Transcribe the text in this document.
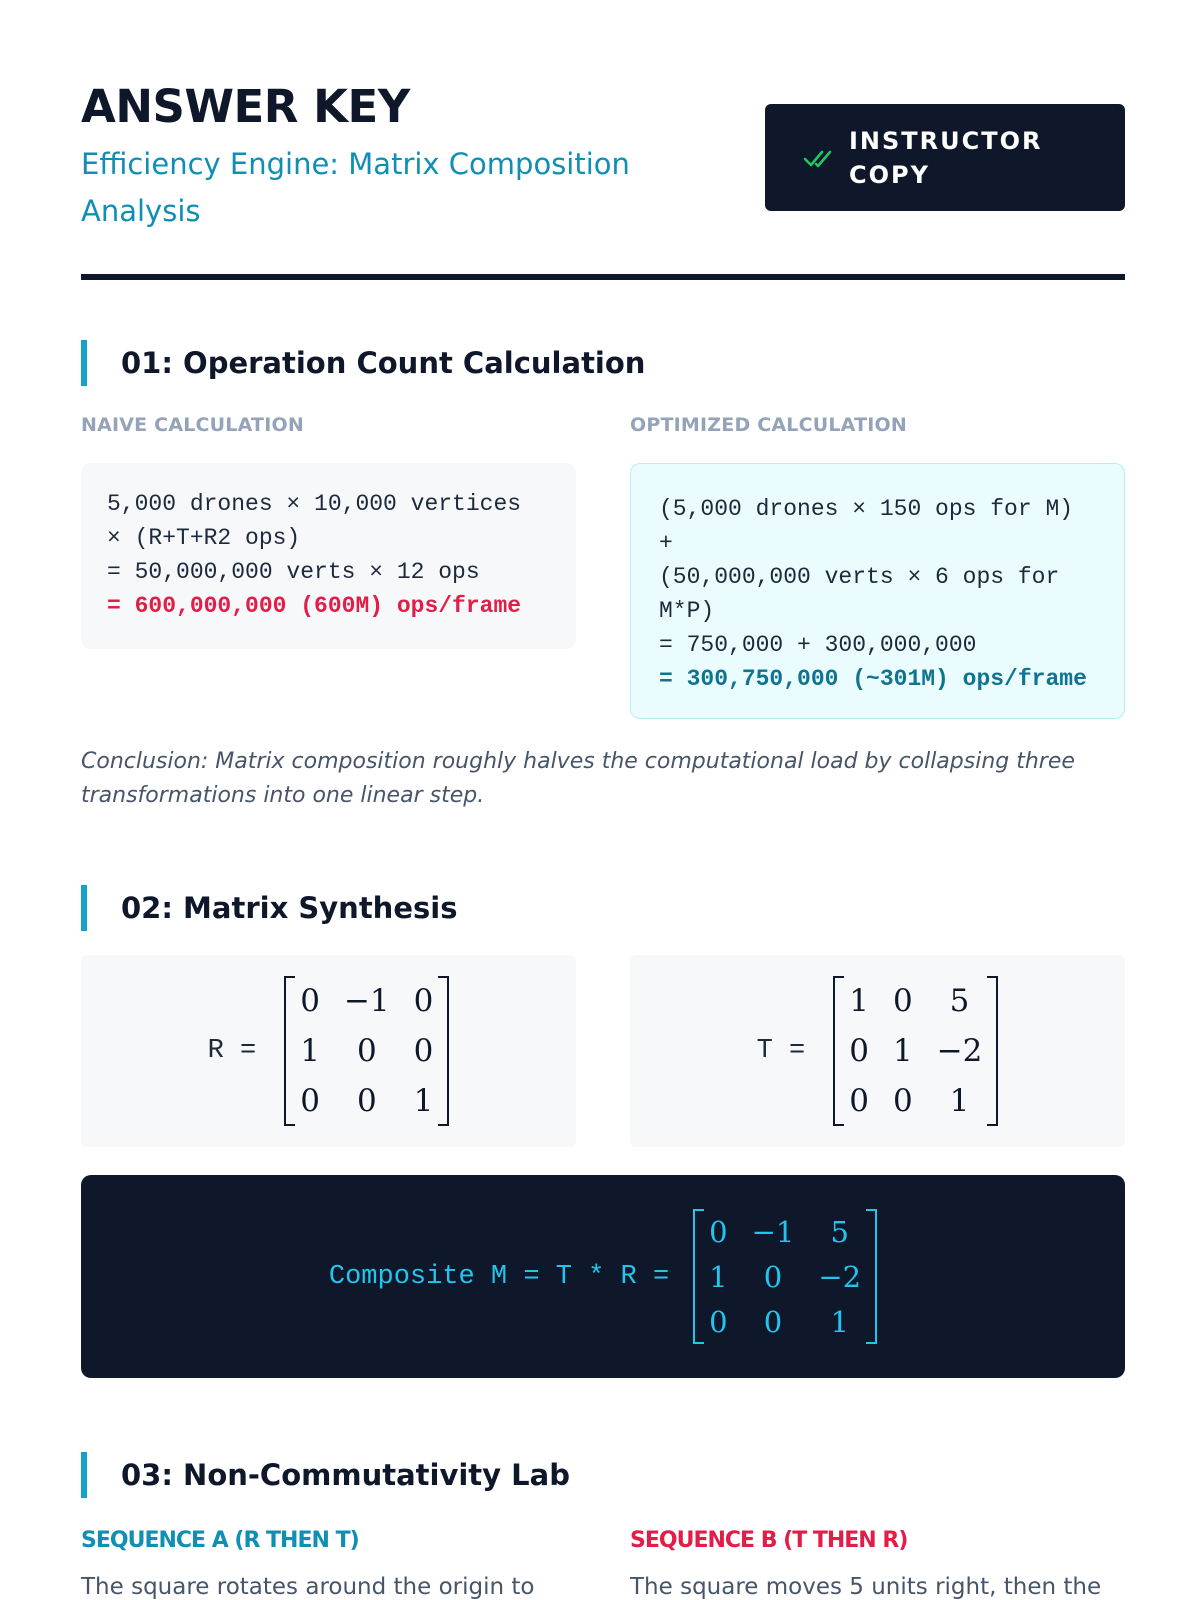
ANSWER KEY
Efficiency Engine: Matrix Composition Analysis
INSTRUCTOR
COPY
01: Operation Count Calculation
NAIVE CALCULATION	OPTIMIZED CALCULATION
5,000 drones × 10,000 vertices
× (R+T+R2 ops)
= 50,000,000 verts × 12 ops
= 600,000,000 (600M) ops/frame
(5,000 drones × 150 ops for M)
+
(50,000,000 verts × 6 ops for M*P)
= 750,000 + 300,000,000
= 300,750,000 (~301M) ops/frame
Conclusion: Matrix composition roughly halves the computational load by collapsing three transformations into one linear step.
02: Matrix Synthesis
R =
0	−1	0
1	0	0
0	0	1
T =
1	0	5
0	1	−2
0	0	1
Composite M = T * R =
0	−1	5
1	0	−2
0	0	1
03: Non-Commutativity Lab
SEQUENCE A (R THEN T)	SEQUENCE B (T THEN R)
The square rotates around the origin to	The square moves 5 units right, then the
